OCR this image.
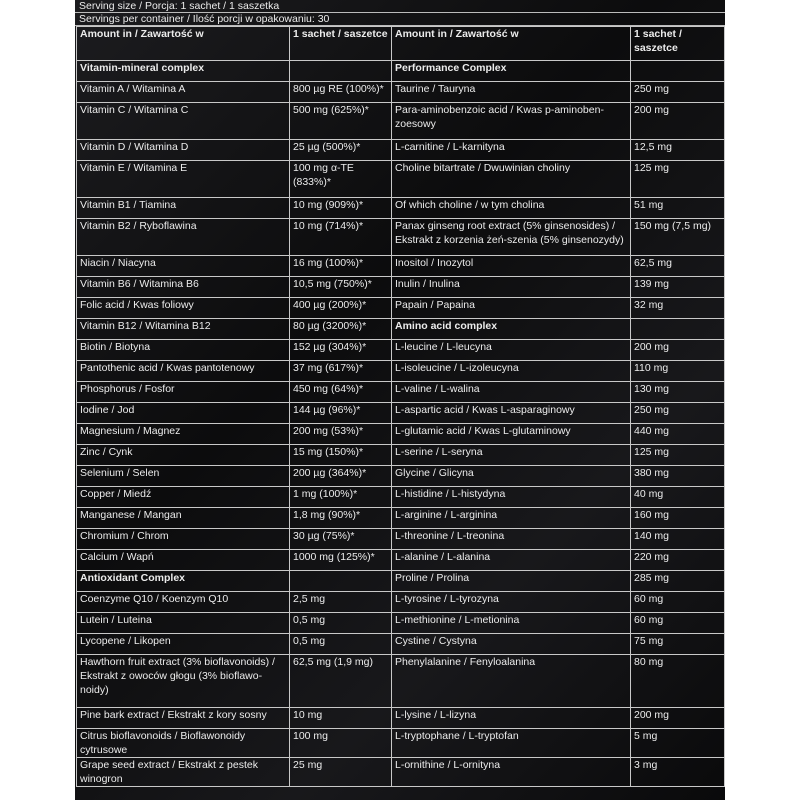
Serving size / Porcja: 1 sachet / 1 saszetka
Servings per container / Ilość porcji w opakowaniu: 30
Amount in / Zawartość w	1 sachet / saszetce	Amount in / Zawartość w	1 sachet / saszetce
Vitamin-mineral complex		Performance Complex	
Vitamin A / Witamina A	800 µg RE (100%)*	Taurine / Tauryna	250 mg
Vitamin C / Witamina C	500 mg (625%)*	Para-aminobenzoic acid / Kwas p-aminoben-zoesowy	200 mg
Vitamin D / Witamina D	25 µg (500%)*	L-carnitine / L-karnityna	12,5 mg
Vitamin E / Witamina E	100 mg α-TE (833%)*	Choline bitartrate / Dwuwinian choliny	125 mg
Vitamin B1 / Tiamina	10 mg (909%)*	Of which choline / w tym cholina	51 mg
Vitamin B2 / Ryboflawina	10 mg (714%)*	Panax ginseng root extract (5% ginsenosides) / Ekstrakt z korzenia żeń-szenia (5% ginsenozydy)	150 mg (7,5 mg)
Niacin / Niacyna	16 mg (100%)*	Inositol / Inozytol	62,5 mg
Vitamin B6 / Witamina B6	10,5 mg (750%)*	Inulin / Inulina	139 mg
Folic acid / Kwas foliowy	400 µg (200%)*	Papain / Papaina	32 mg
Vitamin B12 / Witamina B12	80 µg (3200%)*	Amino acid complex	
Biotin / Biotyna	152 µg (304%)*	L-leucine / L-leucyna	200 mg
Pantothenic acid / Kwas pantotenowy	37 mg (617%)*	L-isoleucine / L-izoleucyna	110 mg
Phosphorus / Fosfor	450 mg (64%)*	L-valine / L-walina	130 mg
Iodine / Jod	144 µg (96%)*	L-aspartic acid / Kwas L-asparaginowy	250 mg
Magnesium / Magnez	200 mg (53%)*	L-glutamic acid / Kwas L-glutaminowy	440 mg
Zinc / Cynk	15 mg (150%)*	L-serine / L-seryna	125 mg
Selenium / Selen	200 µg (364%)*	Glycine / Glicyna	380 mg
Copper / Miedź	1 mg (100%)*	L-histidine / L-histydyna	40 mg
Manganese / Mangan	1,8 mg (90%)*	L-arginine / L-arginina	160 mg
Chromium / Chrom	30 µg (75%)*	L-threonine / L-treonina	140 mg
Calcium / Wapń	1000 mg (125%)*	L-alanine / L-alanina	220 mg
Antioxidant Complex		Proline / Prolina	285 mg
Coenzyme Q10 / Koenzym Q10	2,5 mg	L-tyrosine / L-tyrozyna	60 mg
Lutein / Luteina	0,5 mg	L-methionine / L-metionina	60 mg
Lycopene / Likopen	0,5 mg	Cystine / Cystyna	75 mg
Hawthorn fruit extract (3% bioflavonoids) / Ekstrakt z owoców głogu (3% bioflawo-noidy)	62,5 mg (1,9 mg)	Phenylalanine / Fenyloalanina	80 mg
Pine bark extract / Ekstrakt z kory sosny	10 mg	L-lysine / L-lizyna	200 mg
Citrus bioflavonoids / Bioflawonoidy cytrusowe	100 mg	L-tryptophane / L-tryptofan	5 mg
Grape seed extract / Ekstrakt z pestek winogron	25 mg	L-ornithine / L-ornityna	3 mg
